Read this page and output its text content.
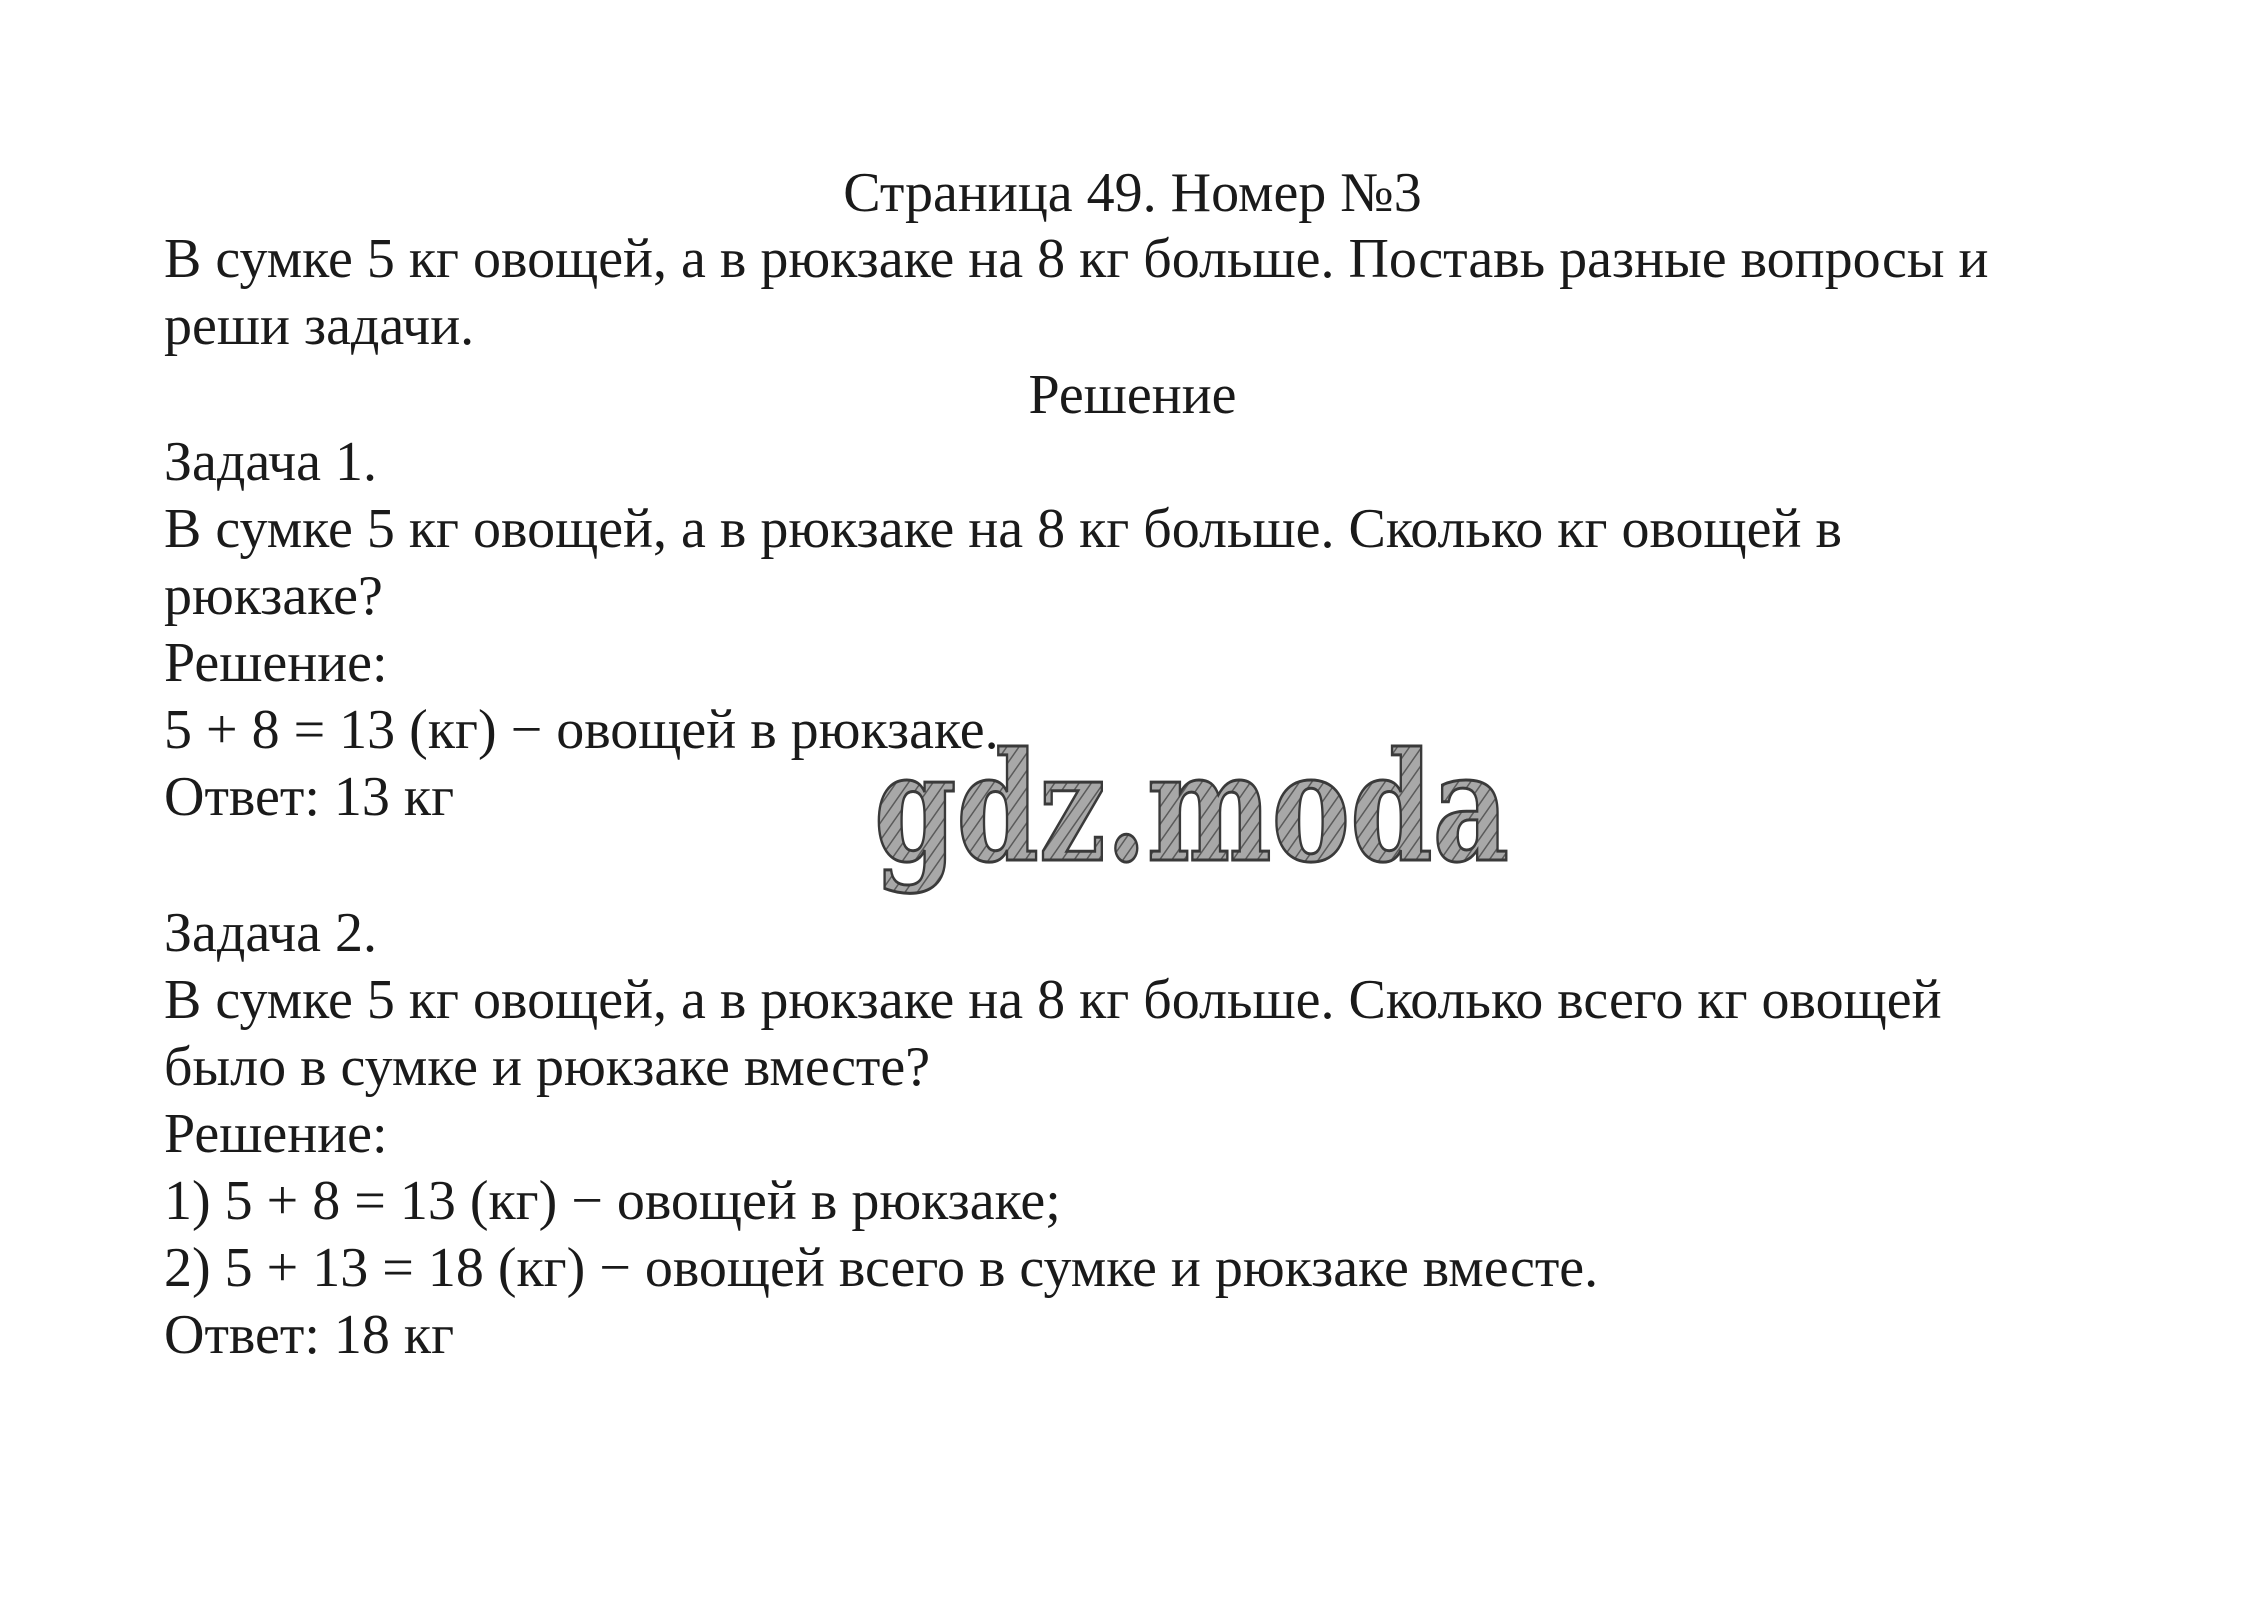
Страница 49. Номер №3

В сумке 5 кг овощей, а в рюкзаке на 8 кг больше. Поставь разные вопросы и

реши задачи.

Решение

Задача 1.

В сумке 5 кг овощей, а в рюкзаке на 8 кг больше. Сколько кг овощей в

рюкзаке?

Решение:

5 + 8 = 13 (кг) − овощей в рюкзаке.

Ответ: 13 кг

Задача 2.

В сумке 5 кг овощей, а в рюкзаке на 8 кг больше. Сколько всего кг овощей

было в сумке и рюкзаке вместе?

Решение:

1) 5 + 8 = 13 (кг) − овощей в рюкзаке;

2) 5 + 13 = 18 (кг) − овощей всего в сумке и рюкзаке вместе.

Ответ: 18 кг

gdz.moda
